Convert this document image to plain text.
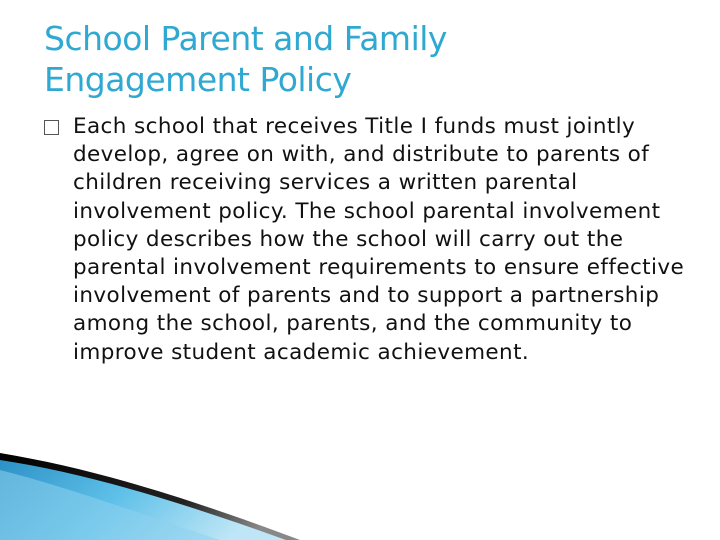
School Parent and Family
Engagement Policy

Each school that receives Title I funds must jointly develop, agree on with, and distribute to parents of children receiving services a written parental involvement policy. The school parental involvement policy describes how the school will carry out the parental involvement requirements to ensure effective involvement of parents and to support a partnership among the school, parents, and the community to improve student academic achievement.
